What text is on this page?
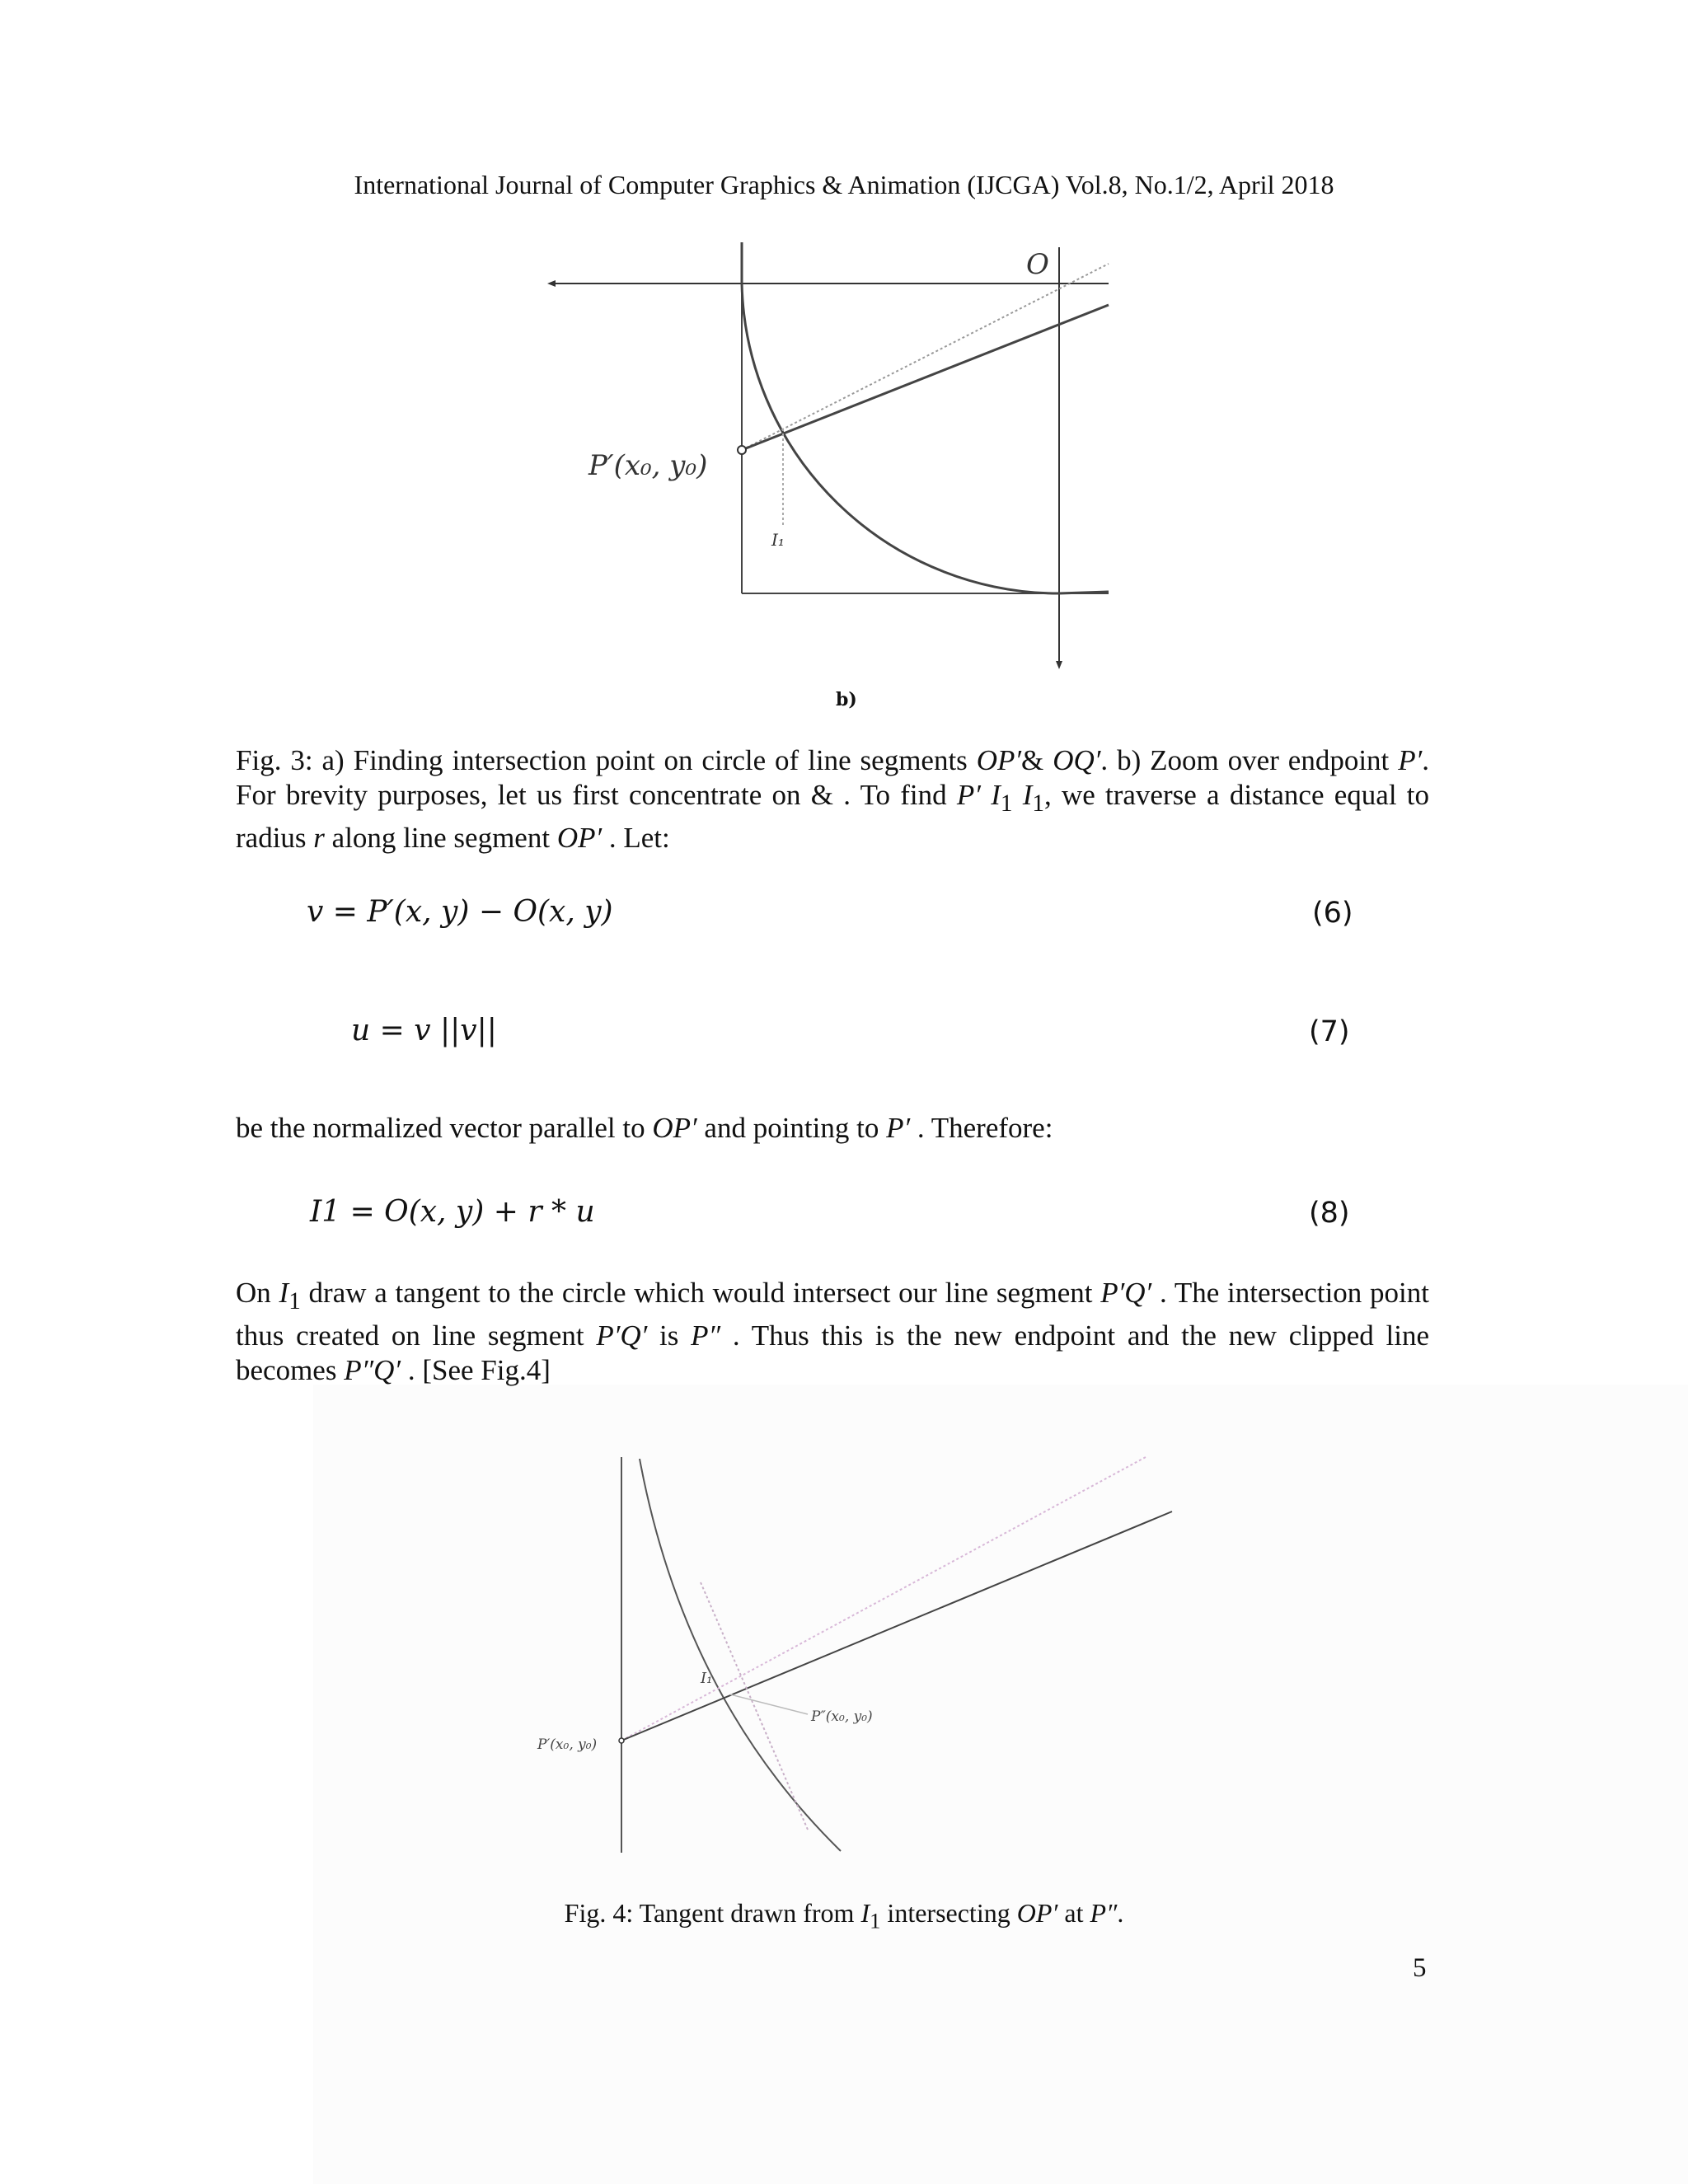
International Journal of Computer Graphics & Animation (IJCGA) Vol.8, No.1/2, April 2018
O
P′(x₀, y₀)
I₁
b)
Fig. 3: a) Finding intersection point on circle of line segments OP′& OQ′. b) Zoom over endpoint P′. For brevity purposes, let us first concentrate on & . To find P′ $I_1$ $I_1$, we traverse a distance equal to radius r along line segment OP′ . Let:
v = P′(x, y) − O(x, y)	(6)
u = v ||v||	(7)
be the normalized vector parallel to OP′ and pointing to P′ . Therefore:
I1 = O(x, y) + r * u	(8)
On $I_1$ draw a tangent to the circle which would intersect our line segment P′Q′ . The intersection point thus created on line segment P′Q′ is P″ . Thus this is the new endpoint and the new clipped line becomes P″Q′ . [See Fig.4]
I₁
P″(x₀, y₀)
P′(x₀, y₀)
Fig. 4: Tangent drawn from $I_1$ intersecting OP′ at P″.
5
